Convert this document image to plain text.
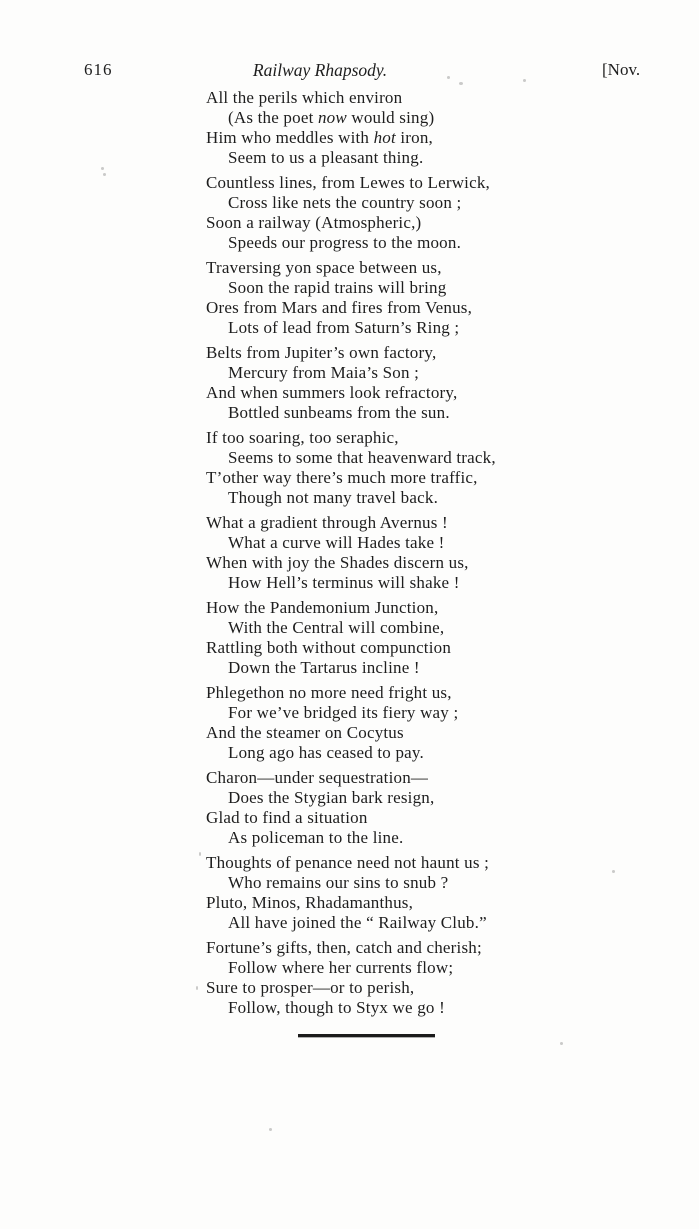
616	Railway Rhapsody.	[Nov.
All the perils which environ
(As the poet now would sing)
Him who meddles with hot iron,
Seem to us a pleasant thing.
Countless lines, from Lewes to Lerwick,
Cross like nets the country soon ;
Soon a railway (Atmospheric,)
Speeds our progress to the moon.
Traversing yon space between us,
Soon the rapid trains will bring
Ores from Mars and fires from Venus,
Lots of lead from Saturn’s Ring ;
Belts from Jupiter’s own factory,
Mercury from Maia’s Son ;
And when summers look refractory,
Bottled sunbeams from the sun.
If too soaring, too seraphic,
Seems to some that heavenward track,
T’other way there’s much more traffic,
Though not many travel back.
What a gradient through Avernus !
What a curve will Hades take !
When with joy the Shades discern us,
How Hell’s terminus will shake !
How the Pandemonium Junction,
With the Central will combine,
Rattling both without compunction
Down the Tartarus incline !
Phlegethon no more need fright us,
For we’ve bridged its fiery way ;
And the steamer on Cocytus
Long ago has ceased to pay.
Charon—under sequestration—
Does the Stygian bark resign,
Glad to find a situation
As policeman to the line.
Thoughts of penance need not haunt us ;
Who remains our sins to snub ?
Pluto, Minos, Rhadamanthus,
All have joined the “ Railway Club.”
Fortune’s gifts, then, catch and cherish;
Follow where her currents flow;
Sure to prosper—or to perish,
Follow, though to Styx we go !
